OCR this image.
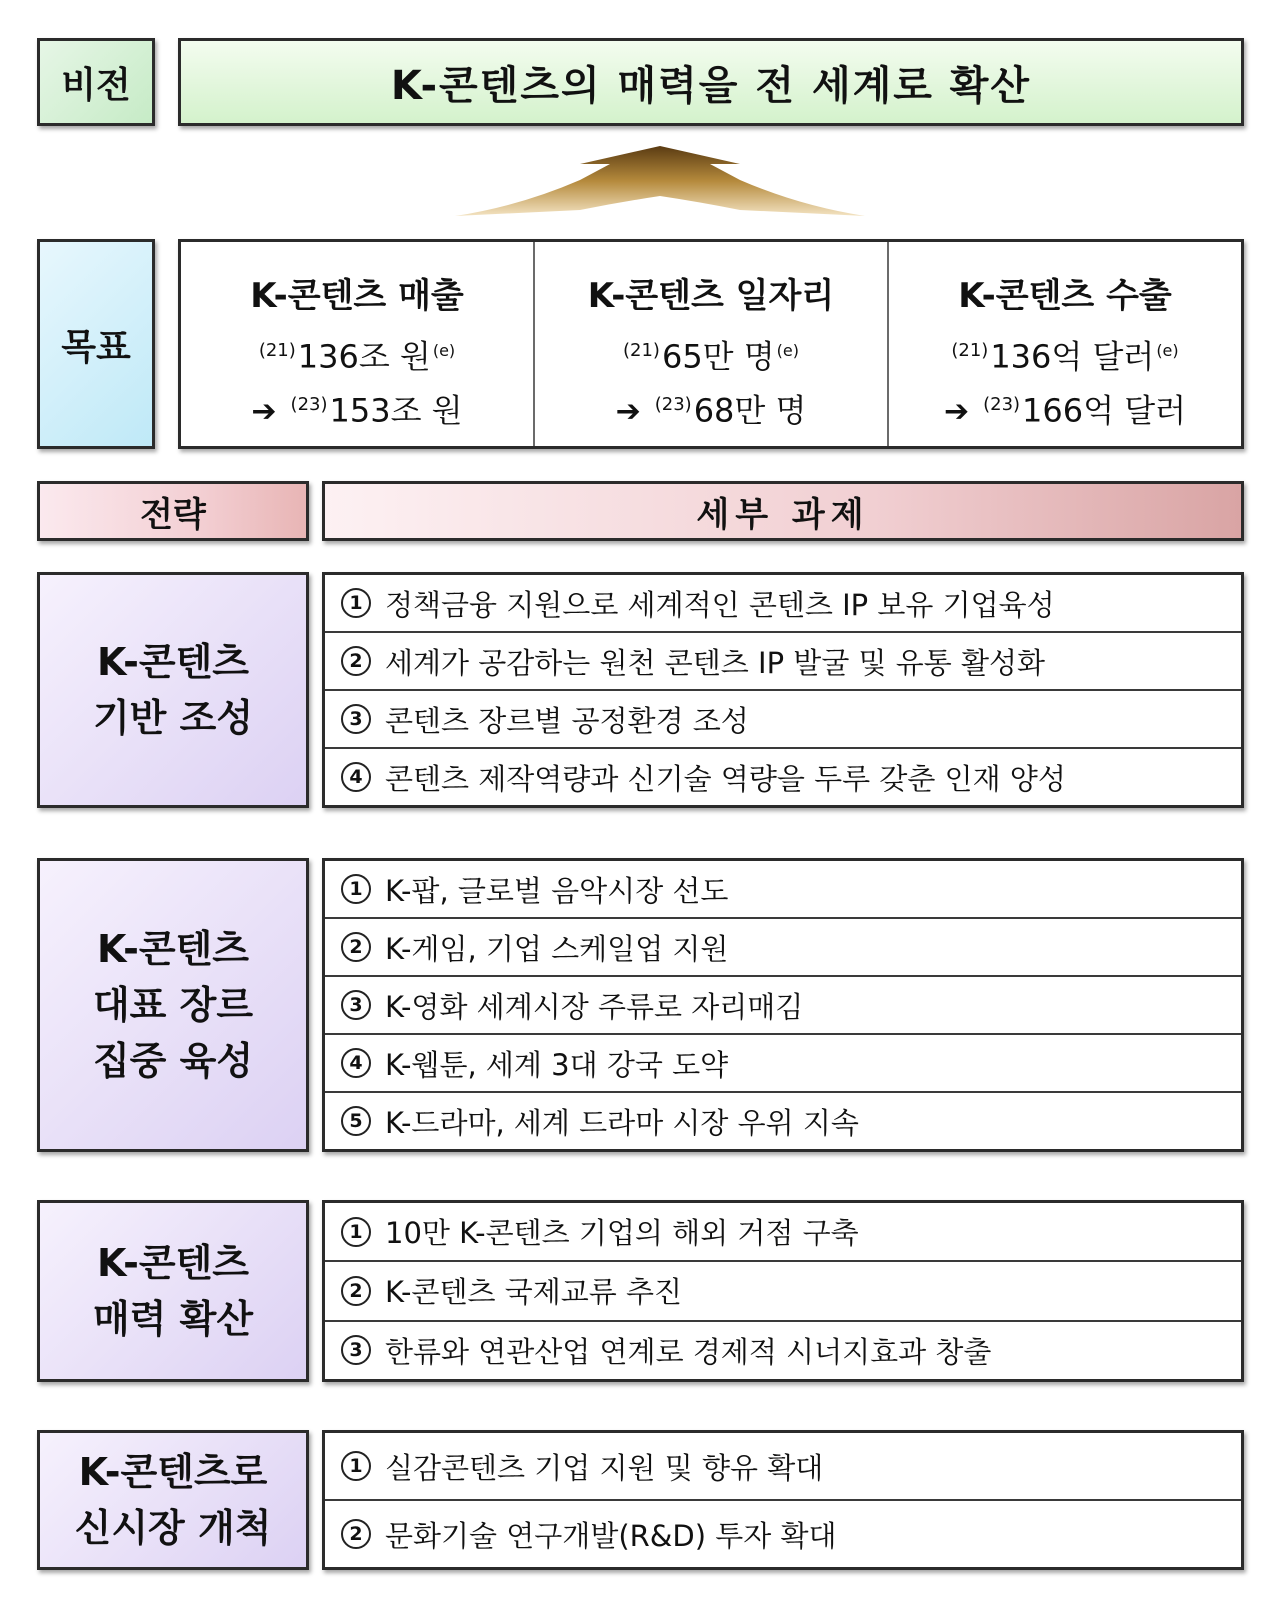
비전	K-콘텐츠의 매력을 전 세계로 확산
목표
K-콘텐츠 매출
$^{(21)}$136조 원 $^{(e)}$
➔ $^{(23)}$153조 원
K-콘텐츠 일자리
$^{(21)}$65만 명 $^{(e)}$
➔ $^{(23)}$68만 명
K-콘텐츠 수출
$^{(21)}$136억 달러 $^{(e)}$
➔ $^{(23)}$166억 달러
전략	세부 과제
K-콘텐츠
기반 조성
1 정책금융 지원으로 세계적인 콘텐츠 IP 보유 기업육성
2 세계가 공감하는 원천 콘텐츠 IP 발굴 및 유통 활성화
3 콘텐츠 장르별 공정환경 조성
4 콘텐츠 제작역량과 신기술 역량을 두루 갖춘 인재 양성
K-콘텐츠
대표 장르
집중 육성
1 K-팝, 글로벌 음악시장 선도
2 K-게임, 기업 스케일업 지원
3 K-영화 세계시장 주류로 자리매김
4 K-웹툰, 세계 3대 강국 도약
5 K-드라마, 세계 드라마 시장 우위 지속
K-콘텐츠
매력 확산
1 10만 K-콘텐츠 기업의 해외 거점 구축
2 K-콘텐츠 국제교류 추진
3 한류와 연관산업 연계로 경제적 시너지효과 창출
K-콘텐츠로
신시장 개척
1 실감콘텐츠 기업 지원 및 향유 확대
2 문화기술 연구개발(R&D) 투자 확대
